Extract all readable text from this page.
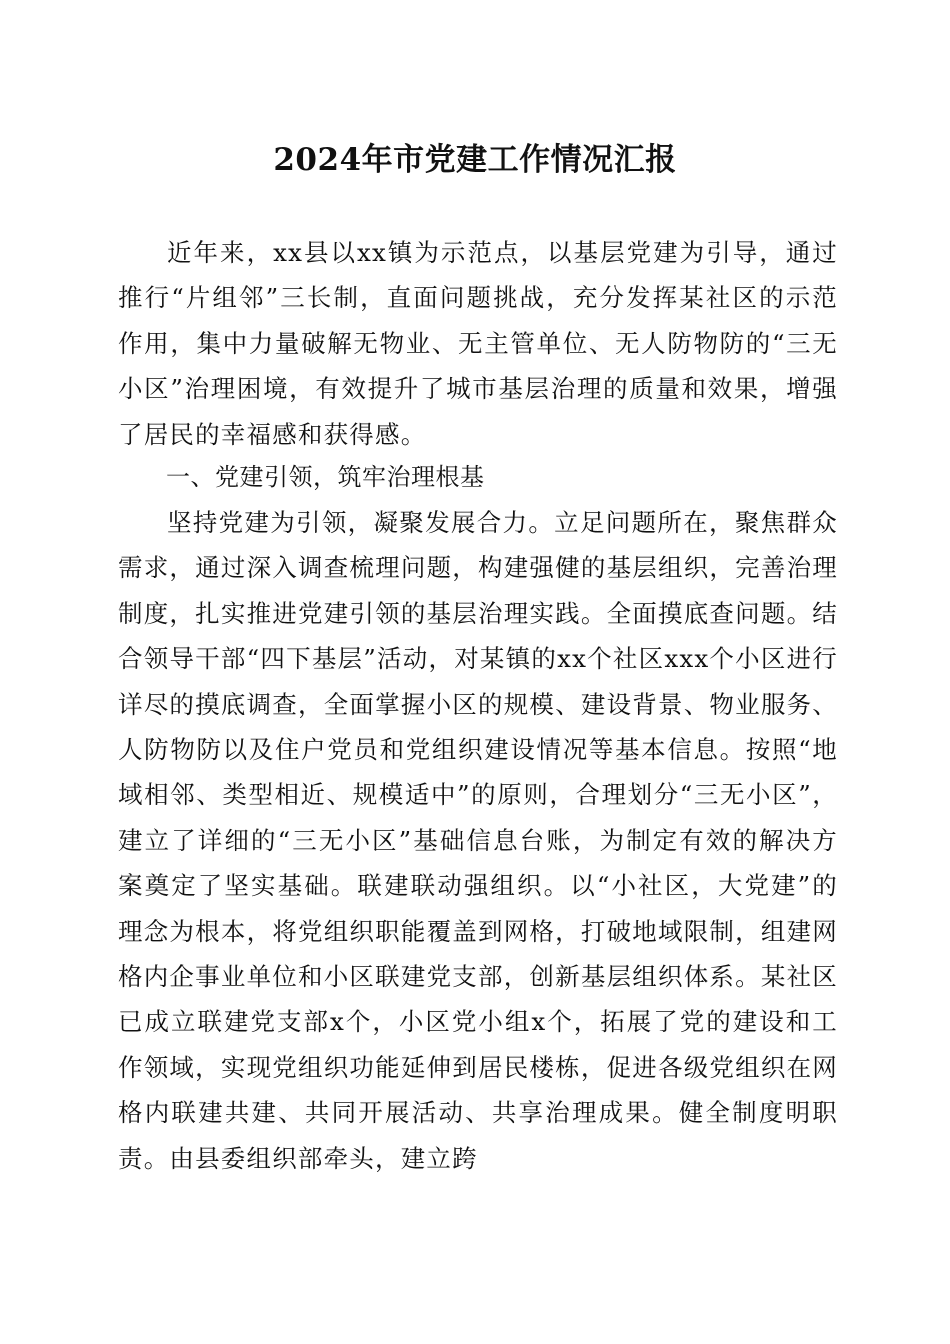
2024年市党建工作情况汇报
近年来，xx县以xx镇为示范点，以基层党建为引导，通过推行“片组邻”三长制，直面问题挑战，充分发挥某社区的示范作用，集中力量破解无物业、无主管单位、无人防物防的“三无小区”治理困境，有效提升了城市基层治理的质量和效果，增强了居民的幸福感和获得感。
一、党建引领，筑牢治理根基
坚持党建为引领，凝聚发展合力。立足问题所在，聚焦群众需求，通过深入调查梳理问题，构建强健的基层组织，完善治理制度，扎实推进党建引领的基层治理实践。全面摸底查问题。结合领导干部“四下基层”活动，对某镇的xx个社区xxx个小区进行详尽的摸底调查，全面掌握小区的规模、建设背景、物业服务、人防物防以及住户党员和党组织建设情况等基本信息。按照“地域相邻、类型相近、规模适中”的原则，合理划分“三无小区”，建立了详细的“三无小区”基础信息台账，为制定有效的解决方案奠定了坚实基础。联建联动强组织。以“小社区，大党建”的理念为根本，将党组织职能覆盖到网格，打破地域限制，组建网格内企事业单位和小区联建党支部，创新基层组织体系。某社区已成立联建党支部x个，小区党小组x个，拓展了党的建设和工作领域，实现党组织功能延伸到居民楼栋，促进各级党组织在网格内联建共建、共同开展活动、共享治理成果。健全制度明职责。由县委组织部牵头，建立跨
